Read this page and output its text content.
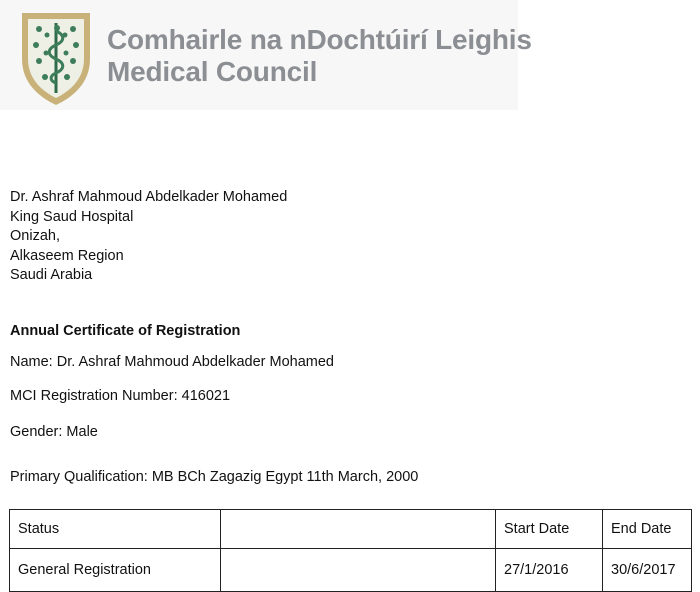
Comhairle na nDochtúirí Leighis
Medical Council
Dr. Ashraf Mahmoud Abdelkader Mohamed
King Saud Hospital
Onizah,
Alkaseem Region
Saudi Arabia
Annual Certificate of Registration
Name: Dr. Ashraf Mahmoud Abdelkader Mohamed
MCI Registration Number: 416021
Gender: Male
Primary Qualification: MB BCh Zagazig Egypt 11th March, 2000
Status		Start Date	End Date
General Registration		27/1/2016	30/6/2017
